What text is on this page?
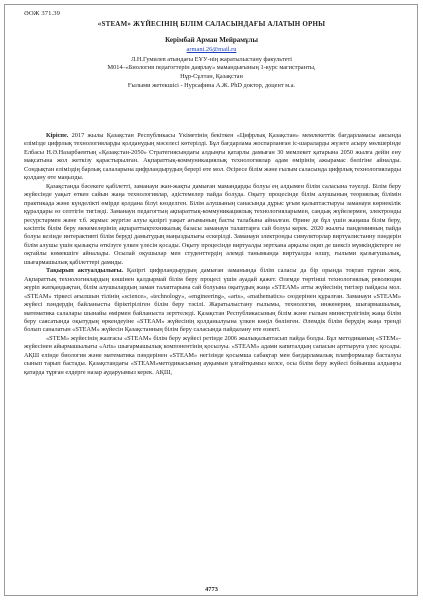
ӘОЖ 371.39
«STEAM» ЖҮЙЕСІНІҢ БІЛІМ САЛАСЫНДАҒЫ АЛАТЫН ОРНЫ
Керімбай Арман Мейрамұлы
armani.26@mail.ru
Л.Н.Гумилев атындағы ЕҰУ-нің жаратылыстану факультеті
М014–«Биология педагогтерін даярлау» мамандығының 1-курс магистранты,
Нұр-Сұлтан, Қазақстан
Ғылыми жетекшісі - Нурсафина А.Ж. PhD доктор, доцент м.а.

Кіріспе. 2017 жылы Қазақстан Республикасы Үкіметінің бекіткен «Цифрлық Қазақстан» мемлекеттік бағдарламасы аясында еліміздe цифрлық технологияларды қолданудың мәселесі көтерілді. Бұл бағдарлама жоспарланған іс-шараларды жүзеге асыру мөлшерінде Елбасы Н.Ә.Назарбаевтың «Қазақстан-2050» Стратегиясындағы алдыңғы қатарлы дамыған 30 мемлекет қатарына 2050 жылға дейін ену мақсатына жол жеткізу қарастырылған. Ақпараттық-коммуникациялық технологиялар адам өмірінің ажырамас бөлігіне айналды. Сондықтан еліміздің барлық салаларына цифрландырудың берері өте мол. Әсіресе білім және ғылым саласында цифрлық технологияларды қолдану өте маңызды.

Қазақстанда бәсекеге қабілетті, заманауи жан-жақты дамыған мамандарды болуы ең алдымен білім саласына тәуелді. Білім беру жүйесінде уақыт өткен сайын жаңа технологиялар, әдістемелер пайда болуда. Оқыту процесінде білім алушының теориялық білімін практикада және күнделікті өмірде қолдана білуі көзделген. Білім алушының санасында дұрыс ұғым қалыптастыруы заманауи көрнекілік құралдары өз септігін тигізеді. Заманауи педагогтың ақпараттық-коммуникациялық технологияларымен, сандық жүйелермен, электронды ресурстармен және т.б. жұмыс жүргізе алуы қазіргі уақыт ағымының басты талабына айналған. Өрине де бұл үшін жаңаша білім беру, кәсіптік білім беру мекемелерінің ақпараттықтехникалық базасы заманауи талаптарға сай болуы керек. 2020 жылғы пандемияның пайда болуы кезінде интерактивті білім беруді дамытудың маңыздылығы ескерілді. Заманауи электронды симуляторлар виртуалистанну пәндерін білім алушы үшін қызықты өткізуге үлкен үлесін қосады. Оқыту процесінде виртуалды зертхана арқылы оқип де шексіз мүмкіндіктерге не оқтайлы көмекшіге айналады. Осылай оқушылар мен студенттердің әлемді танымында виртуалды өлшу, ғылыми қызығушылық, шығармашылық қабілеттері дамиды.

Тақырып актуалдылығы. Қазіргі цифрландырудың дамыған заманында білім саласы да бір орында тоқтап тұрған жоқ. Ақпараттық технологиялардың көшінен қалдырмай білім беру процесі үшін ауадай қажет. Әлемде төртінші технологиялық революция жүріп жатқандықтан, білім алушылардың заман талаптарына сай болуына оқытудың жаңа «STEAM» атты жүйесінің тигізер пайдасы мол. «STEAM» тіркесі ағылшын тілінің «science», «technology», «engineering», «arts», «mathematics» сөздерінен құралған. Заманауи «STEAM» жүйесі пәндердің байланысты біріктіріліген білім беру тәсілі. Жаратылыстану ғылымы, технология, инженерия, шығармашылық, математика салалары шынайы өмірмен байланыста зерттеледі. Қазақстан Республикасының білім және ғылым министрлігінің жаңа білім беру саясатында оқытудың өркендеуіне «STEAM» жүйесінің қолданылуына үлкен көңіл бөлінген. Әлемдік білім берудің жаңа трендi болып саналатын «STEAM» жүйесін Қазақстанның білім беру саласында пайдалану өте өзекті.

«STEM» жүйесінің жалғасы «STEAM» білім беру жүйесі ретінде 2006 жылықалыптасып пайда болды. Бұл методиканың «STEM»-жүйесінен айырмашылығы «Arts» шығармашылық компонентінің қосылуы. «STEAM» адами капиталдың сапасын арттыруға үлес қосады. АҚШ елінде биология және математика пәндерінен «STEAM» негізінде қосымша сабақтар мен бағдарламалық платформалар басталуы сынып тарып бастады. Қазақстандағы «STEAM»методикасының ауқымын ұлғайтқымыз келсе, осы білім беру жүйесі бойынша алдыңғы қатарда тұрған елдерге назар аударуымыз керек. АҚШ,

4773
